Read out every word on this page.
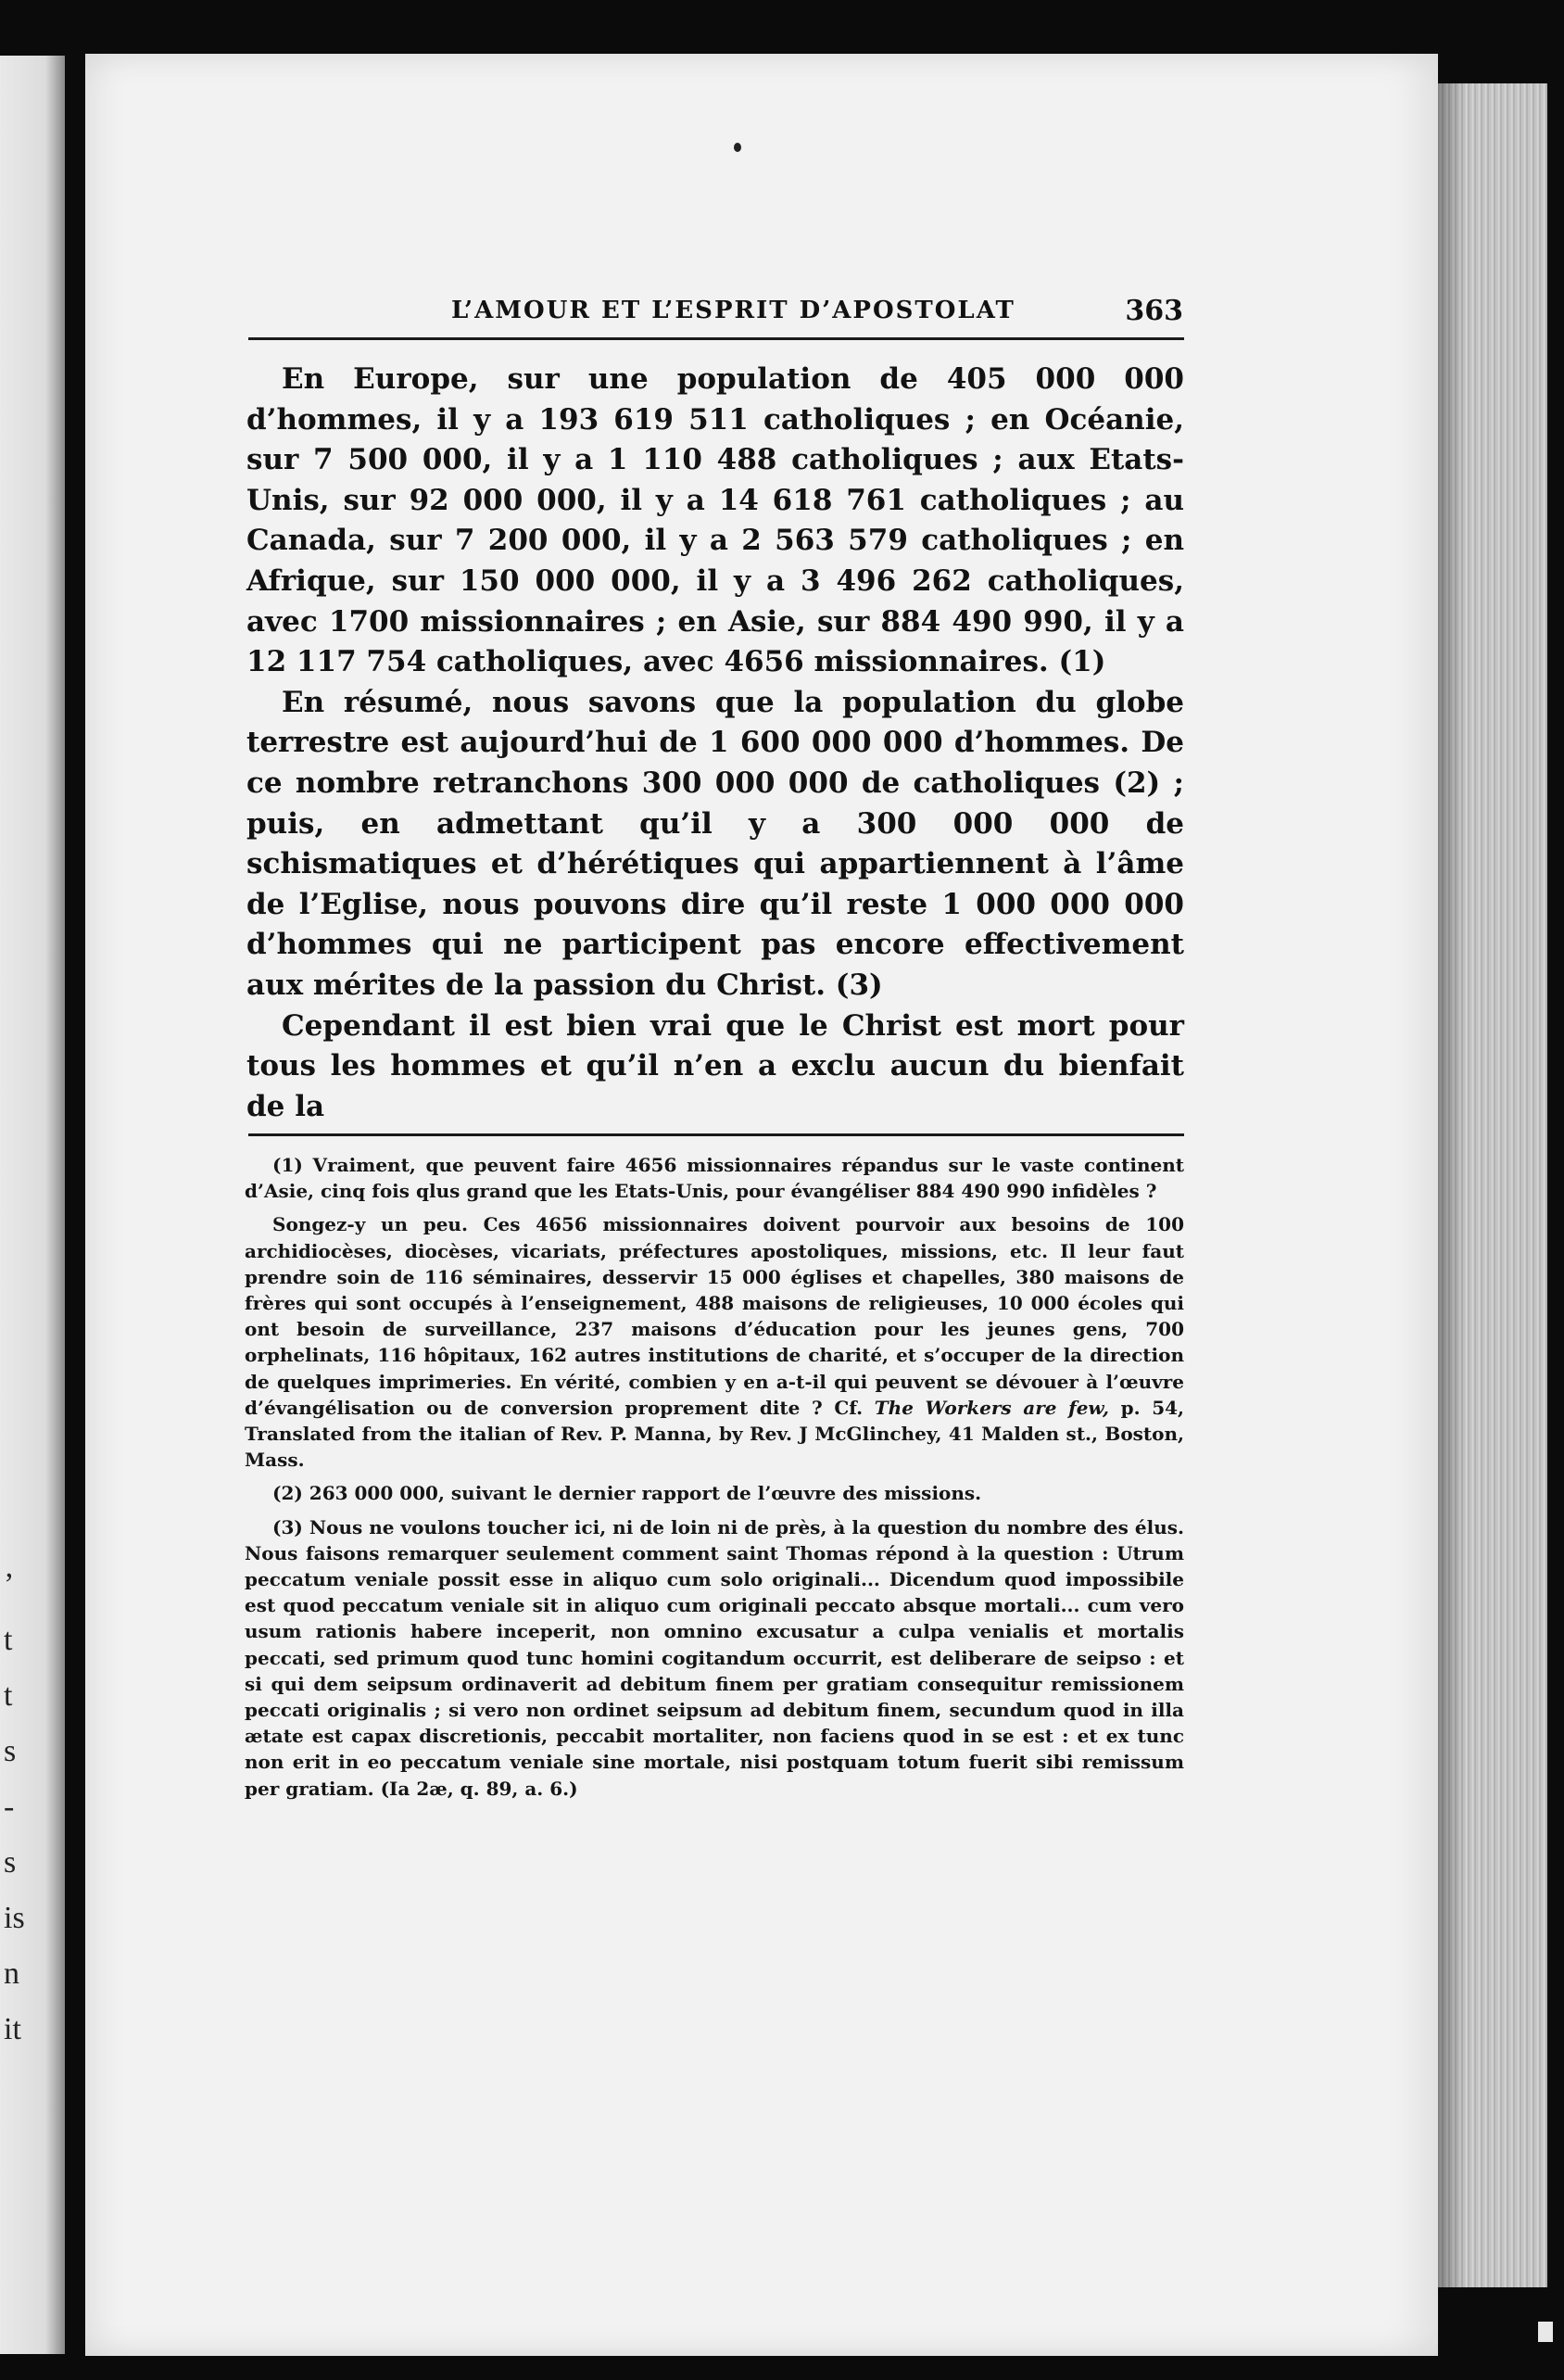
’
t
t
s
-
s
is
n
it
L’AMOUR ET L’ESPRIT D’APOSTOLAT	363

En Europe, sur une population de 405 000 000 d’hommes, il y a 193 619 511 catholiques ; en Océanie, sur 7 500 000, il y a 1 110 488 catholiques ; aux Etats-Unis, sur 92 000 000, il y a 14 618 761 catholiques ; au Canada, sur 7 200 000, il y a 2 563 579 catholiques ; en Afrique, sur 150 000 000, il y a 3 496 262 catholiques, avec 1700 missionnaires ; en Asie, sur 884 490 990, il y a 12 117 754 catholiques, avec 4656 missionnaires. (1)

En résumé, nous savons que la population du globe terrestre est aujourd’hui de 1 600 000 000 d’hommes. De ce nombre retranchons 300 000 000 de catholiques (2) ; puis, en admettant qu’il y a 300 000 000 de schismatiques et d’hérétiques qui appartiennent à l’âme de l’Eglise, nous pouvons dire qu’il reste 1 000 000 000 d’hommes qui ne participent pas encore effectivement aux mérites de la passion du Christ. (3)

Cependant il est bien vrai que le Christ est mort pour tous les hommes et qu’il n’en a exclu aucun du bienfait de la

(1) Vraiment, que peuvent faire 4656 missionnaires répandus sur le vaste continent d’Asie, cinq fois qlus grand que les Etats-Unis, pour évangéliser 884 490 990 infidèles ?

Songez-y un peu. Ces 4656 missionnaires doivent pourvoir aux besoins de 100 archidiocèses, diocèses, vicariats, préfectures apostoliques, missions, etc. Il leur faut prendre soin de 116 séminaires, desservir 15 000 églises et chapelles, 380 maisons de frères qui sont occupés à l’enseignement, 488 maisons de religieuses, 10 000 écoles qui ont besoin de surveillance, 237 maisons d’éducation pour les jeunes gens, 700 orphelinats, 116 hôpitaux, 162 autres institutions de charité, et s’occuper de la direction de quelques imprimeries. En vérité, combien y en a-t-il qui peuvent se dévouer à l’œuvre d’évangélisation ou de conversion proprement dite ? Cf. The Workers are few, p. 54, Translated from the italian of Rev. P. Manna, by Rev. J McGlinchey, 41 Malden st., Boston, Mass.

(2) 263 000 000, suivant le dernier rapport de l’œuvre des missions.

(3) Nous ne voulons toucher ici, ni de loin ni de près, à la question du nombre des élus. Nous faisons remarquer seulement comment saint Thomas répond à la question : Utrum peccatum veniale possit esse in aliquo cum solo originali... Dicendum quod impossibile est quod peccatum veniale sit in aliquo cum originali peccato absque mortali... cum vero usum rationis habere inceperit, non omnino excusatur a culpa venialis et mortalis peccati, sed primum quod tunc homini cogitandum occurrit, est deliberare de seipso : et si qui dem seipsum ordinaverit ad debitum finem per gratiam consequitur remissionem peccati originalis ; si vero non ordinet seipsum ad debitum finem, secundum quod in illa ætate est capax discretionis, peccabit mortaliter, non faciens quod in se est : et ex tunc non erit in eo peccatum veniale sine mortale, nisi postquam totum fuerit sibi remissum per gratiam. (Ia 2æ, q. 89, a. 6.)
